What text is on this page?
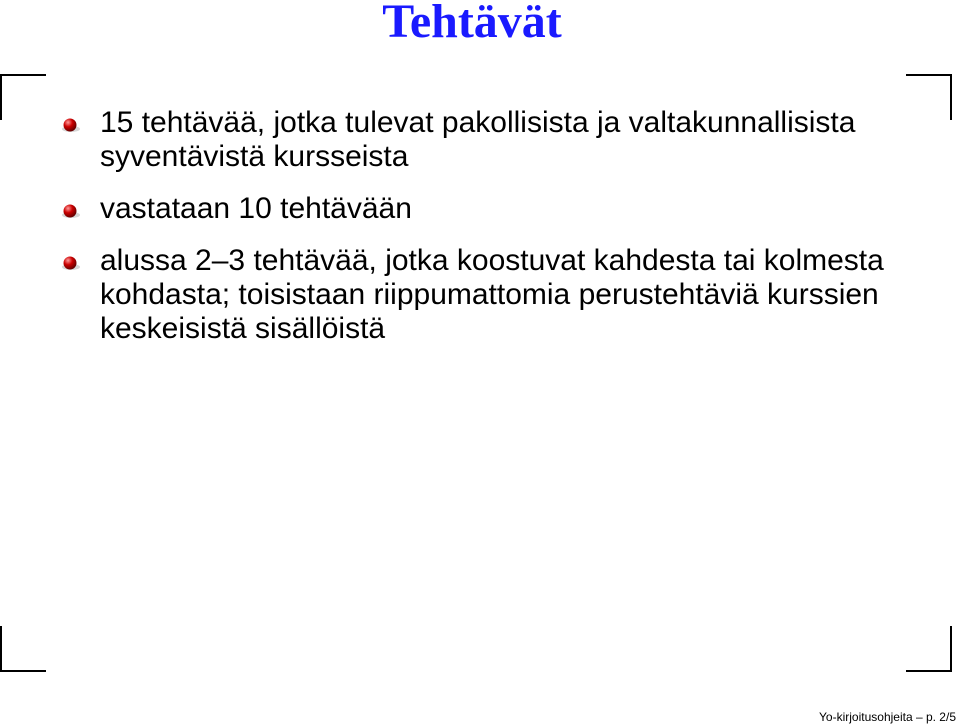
Tehtävät
15 tehtävää, jotka tulevat pakollisista ja valtakunnallisista syventävistä kursseista
vastataan 10 tehtävään
alussa 2–3 tehtävää, jotka koostuvat kahdesta tai kolmesta kohdasta; toisistaan riippumattomia perustehtäviä kurssien keskeisistä sisällöistä
Yo-kirjoitusohjeita – p. 2/5
